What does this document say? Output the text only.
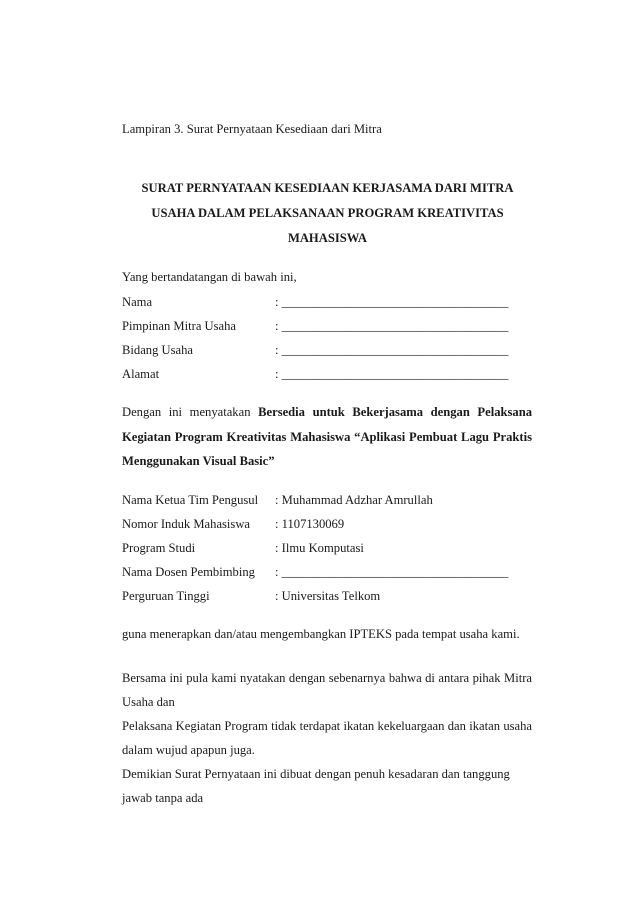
Lampiran 3. Surat Pernyataan Kesediaan dari Mitra
SURAT PERNYATAAN KESEDIAAN KERJASAMA DARI MITRA
USAHA DALAM PELAKSANAAN PROGRAM KREATIVITAS
MAHASISWA
Yang bertandatangan di bawah ini,
Nama	: ____________________________________
Pimpinan Mitra Usaha	: ____________________________________
Bidang Usaha	: ____________________________________
Alamat	: ____________________________________
Dengan ini menyatakan Bersedia untuk Bekerjasama dengan Pelaksana
Kegiatan Program Kreativitas Mahasiswa “Aplikasi Pembuat Lagu Praktis
Menggunakan Visual Basic”
Nama Ketua Tim Pengusul : Muhammad Adzhar Amrullah
Nomor Induk Mahasiswa : 1107130069
Program Studi	: Ilmu Komputasi
Nama Dosen Pembimbing : ____________________________________
Perguruan Tinggi	: Universitas Telkom
guna menerapkan dan/atau mengembangkan IPTEKS pada tempat usaha kami.
Bersama ini pula kami nyatakan dengan sebenarnya bahwa di antara pihak Mitra
Usaha dan
Pelaksana Kegiatan Program tidak terdapat ikatan kekeluargaan dan ikatan usaha
dalam wujud apapun juga.
Demikian Surat Pernyataan ini dibuat dengan penuh kesadaran dan tanggung
jawab tanpa ada
